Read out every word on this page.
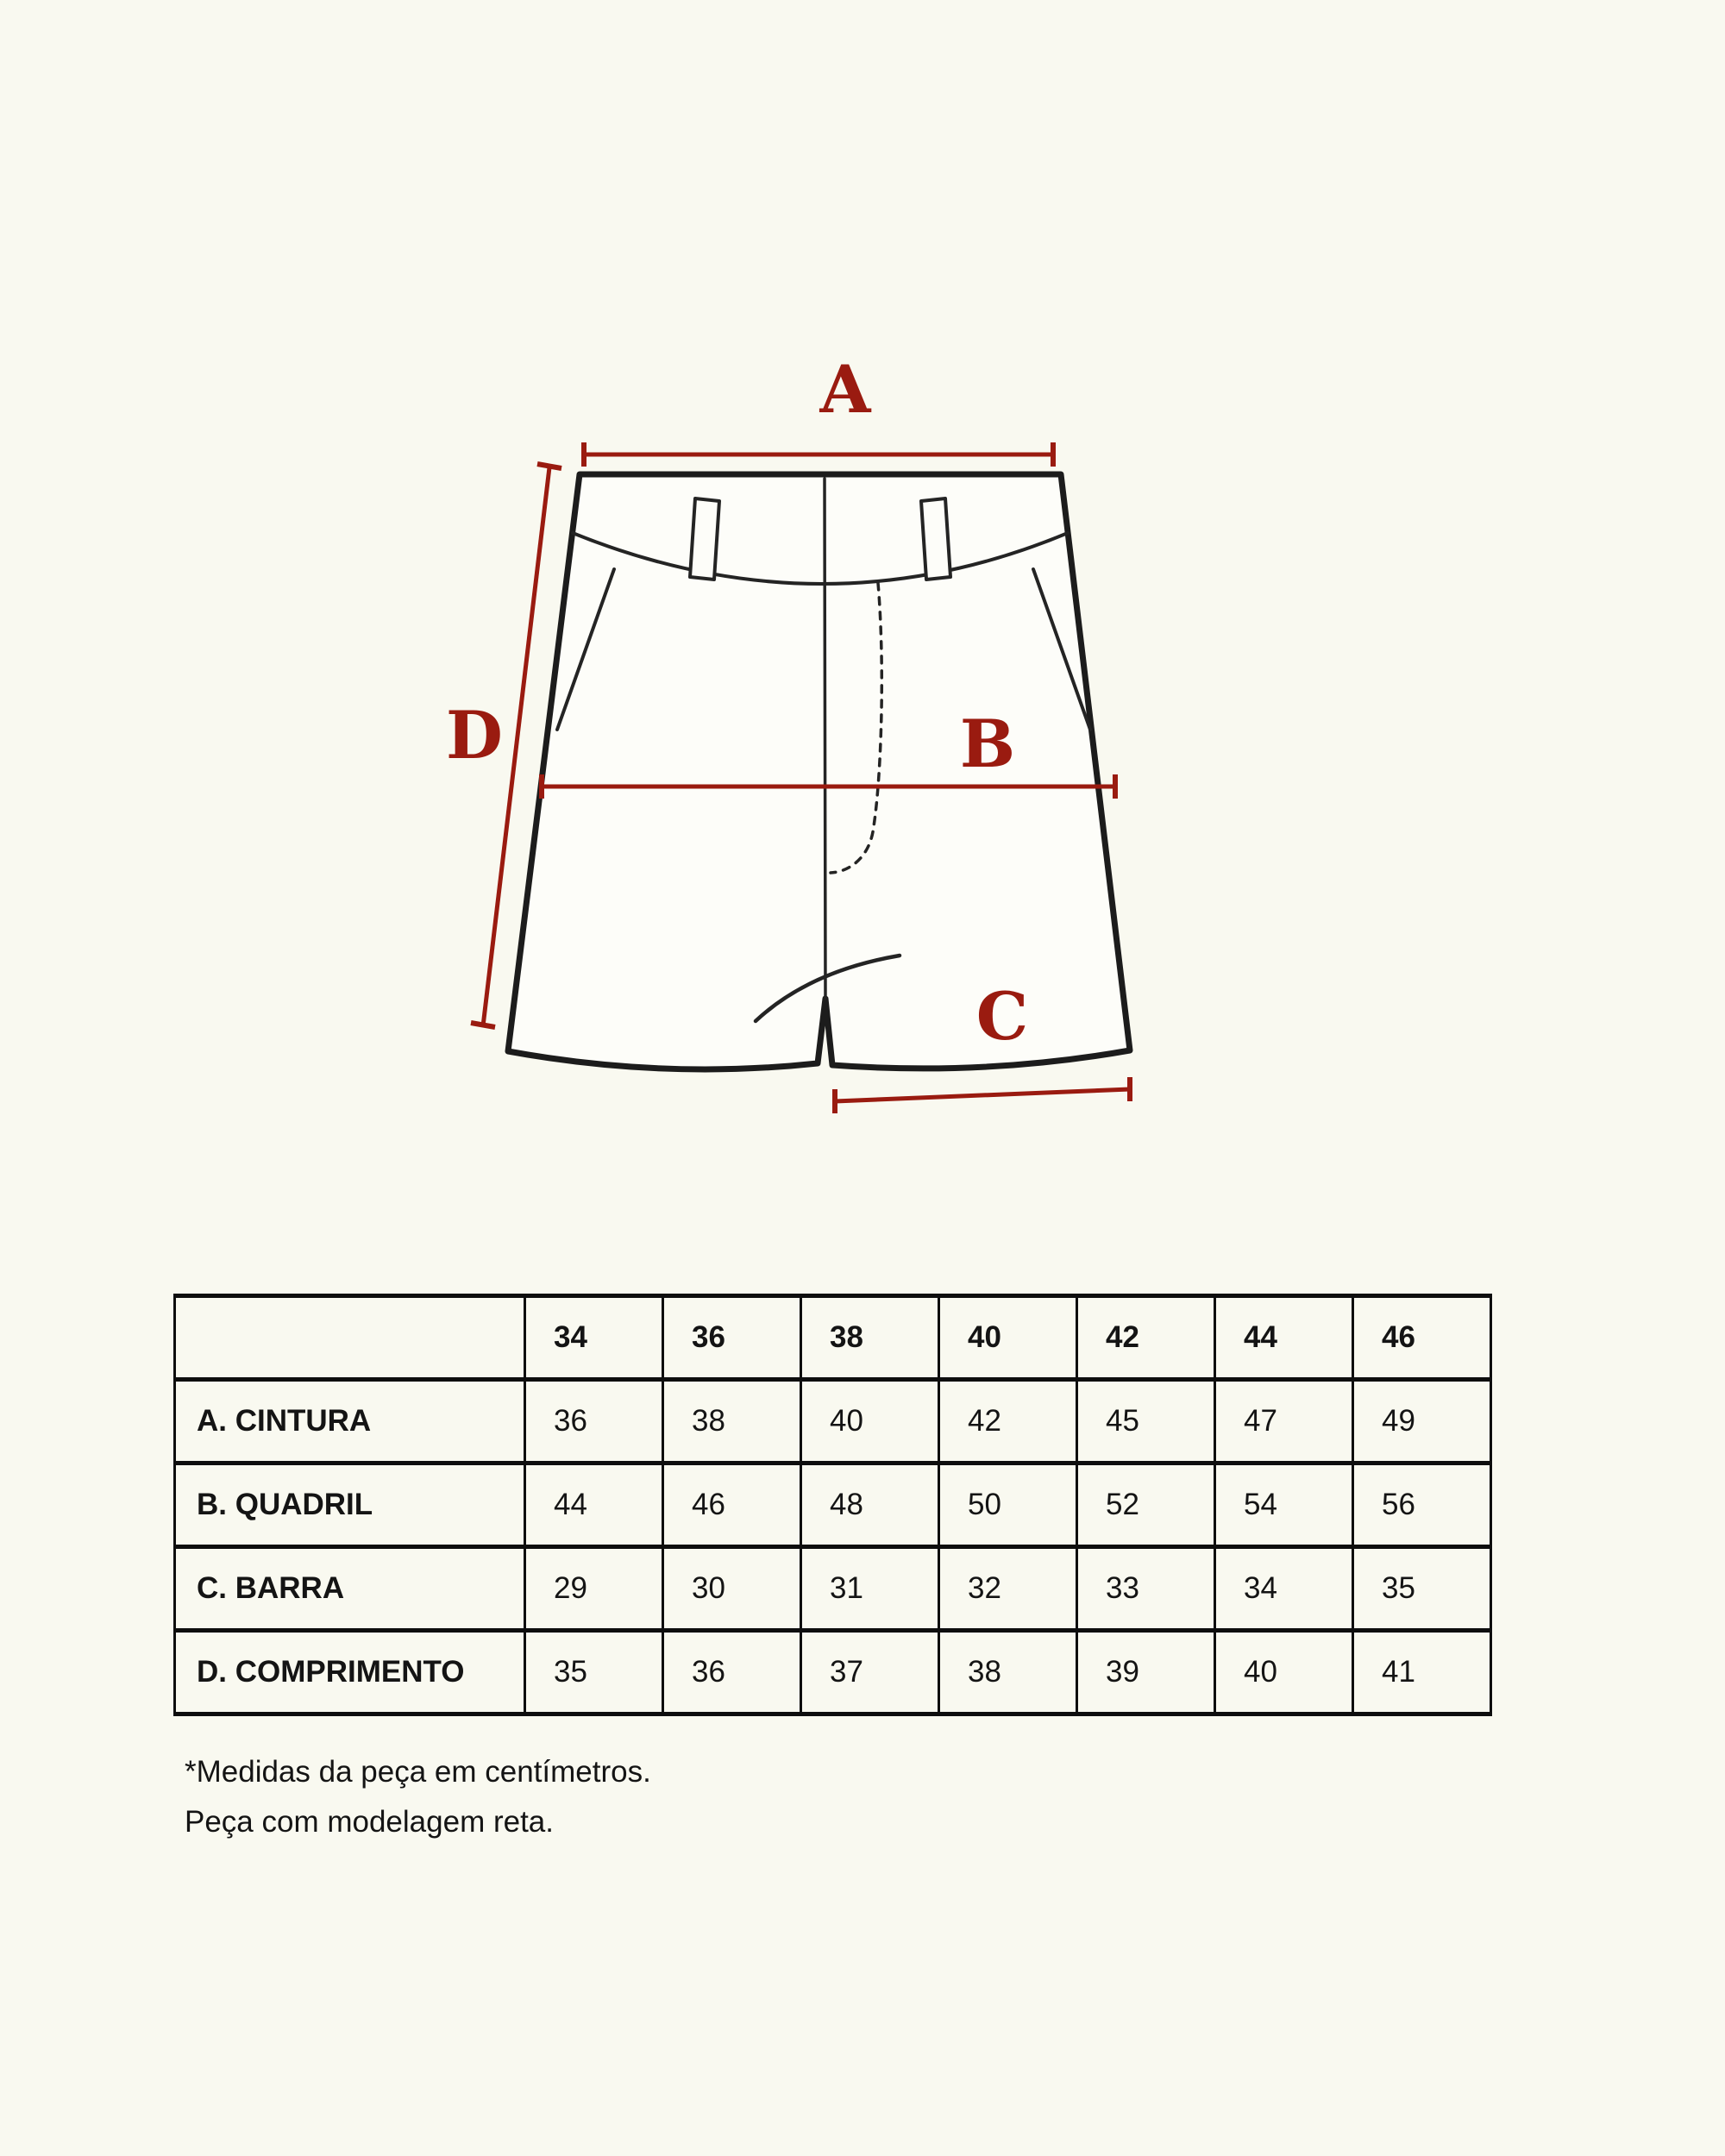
A
B
C
D
	34	36	38	40	42	44	46
A. CINTURA	36	38	40	42	45	47	49
B. QUADRIL	44	46	48	50	52	54	56
C. BARRA	29	30	31	32	33	34	35
D. COMPRIMENTO	35	36	37	38	39	40	41

*Medidas da peça em centímetros.

Peça com modelagem reta.
